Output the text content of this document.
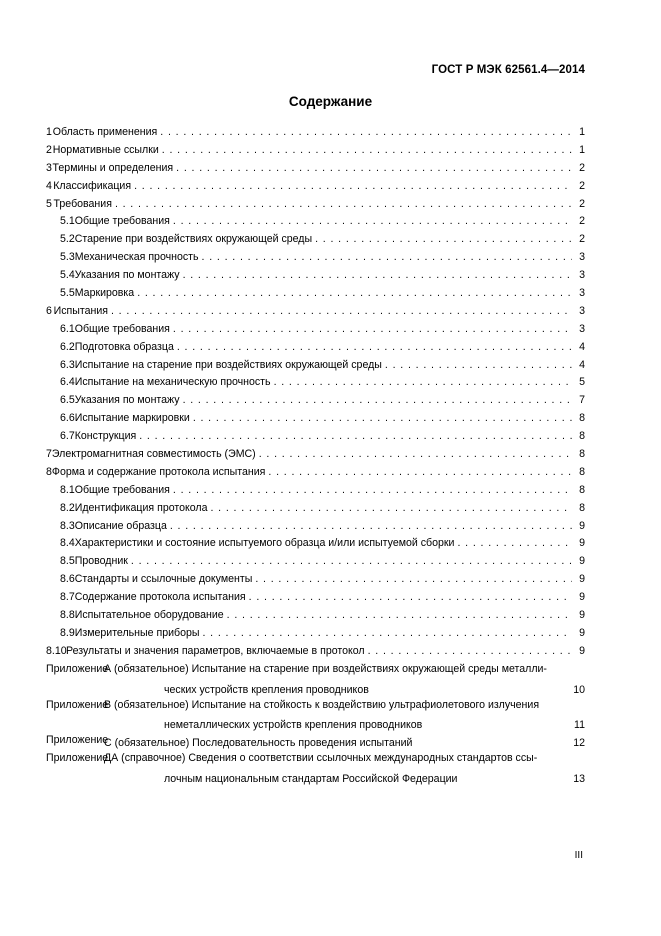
ГОСТ Р МЭК 62561.4—2014
Содержание
1 Область применения . . .	1
2 Нормативные ссылки . . .	1
3 Термины и определения . . .	2
4 Классификация . . .	2
5 Требования . . .	2
5.1 Общие требования . . .	2
5.2 Старение при воздействиях окружающей среды . . .	2
5.3 Механическая прочность . . .	3
5.4 Указания по монтажу . . .	3
5.5 Маркировка . . .	3
6 Испытания . . .	3
6.1 Общие требования . . .	3
6.2 Подготовка образца . . .	4
6.3 Испытание на старение при воздействиях окружающей среды . . .	4
6.4 Испытание на механическую прочность . . .	5
6.5 Указания по монтажу . . .	7
6.6 Испытание маркировки . . .	8
6.7 Конструкция . . .	8
7 Электромагнитная совместимость (ЭМС) . . .	8
8 Форма и содержание протокола испытания . . .	8
8.1 Общие требования . . .	8
8.2 Идентификация протокола . . .	8
8.3 Описание образца . . .	9
8.4 Характеристики и состояние испытуемого образца и/или испытуемой сборки . . .	9
8.5 Проводник . . .	9
8.6 Стандарты и ссылочные документы . . .	9
8.7 Содержание протокола испытания . . .	9
8.8 Испытательное оборудование . . .	9
8.9 Измерительные приборы . . .	9
8.10 Результаты и значения параметров, включаемые в протокол . . .	9
Приложение
А (обязательное) Испытание на старение при воздействиях окружающей среды металли-
ческих устройств крепления проводников	10
Приложение
В (обязательное) Испытание на стойкость к воздействию ультрафиолетового излучения
неметаллических устройств крепления проводников	11
Приложение
С (обязательное) Последовательность проведения испытаний	12
Приложение
ДА (справочное) Сведения о соответствии ссылочных международных стандартов ссы-
лочным национальным стандартам Российской Федерации	13
III
